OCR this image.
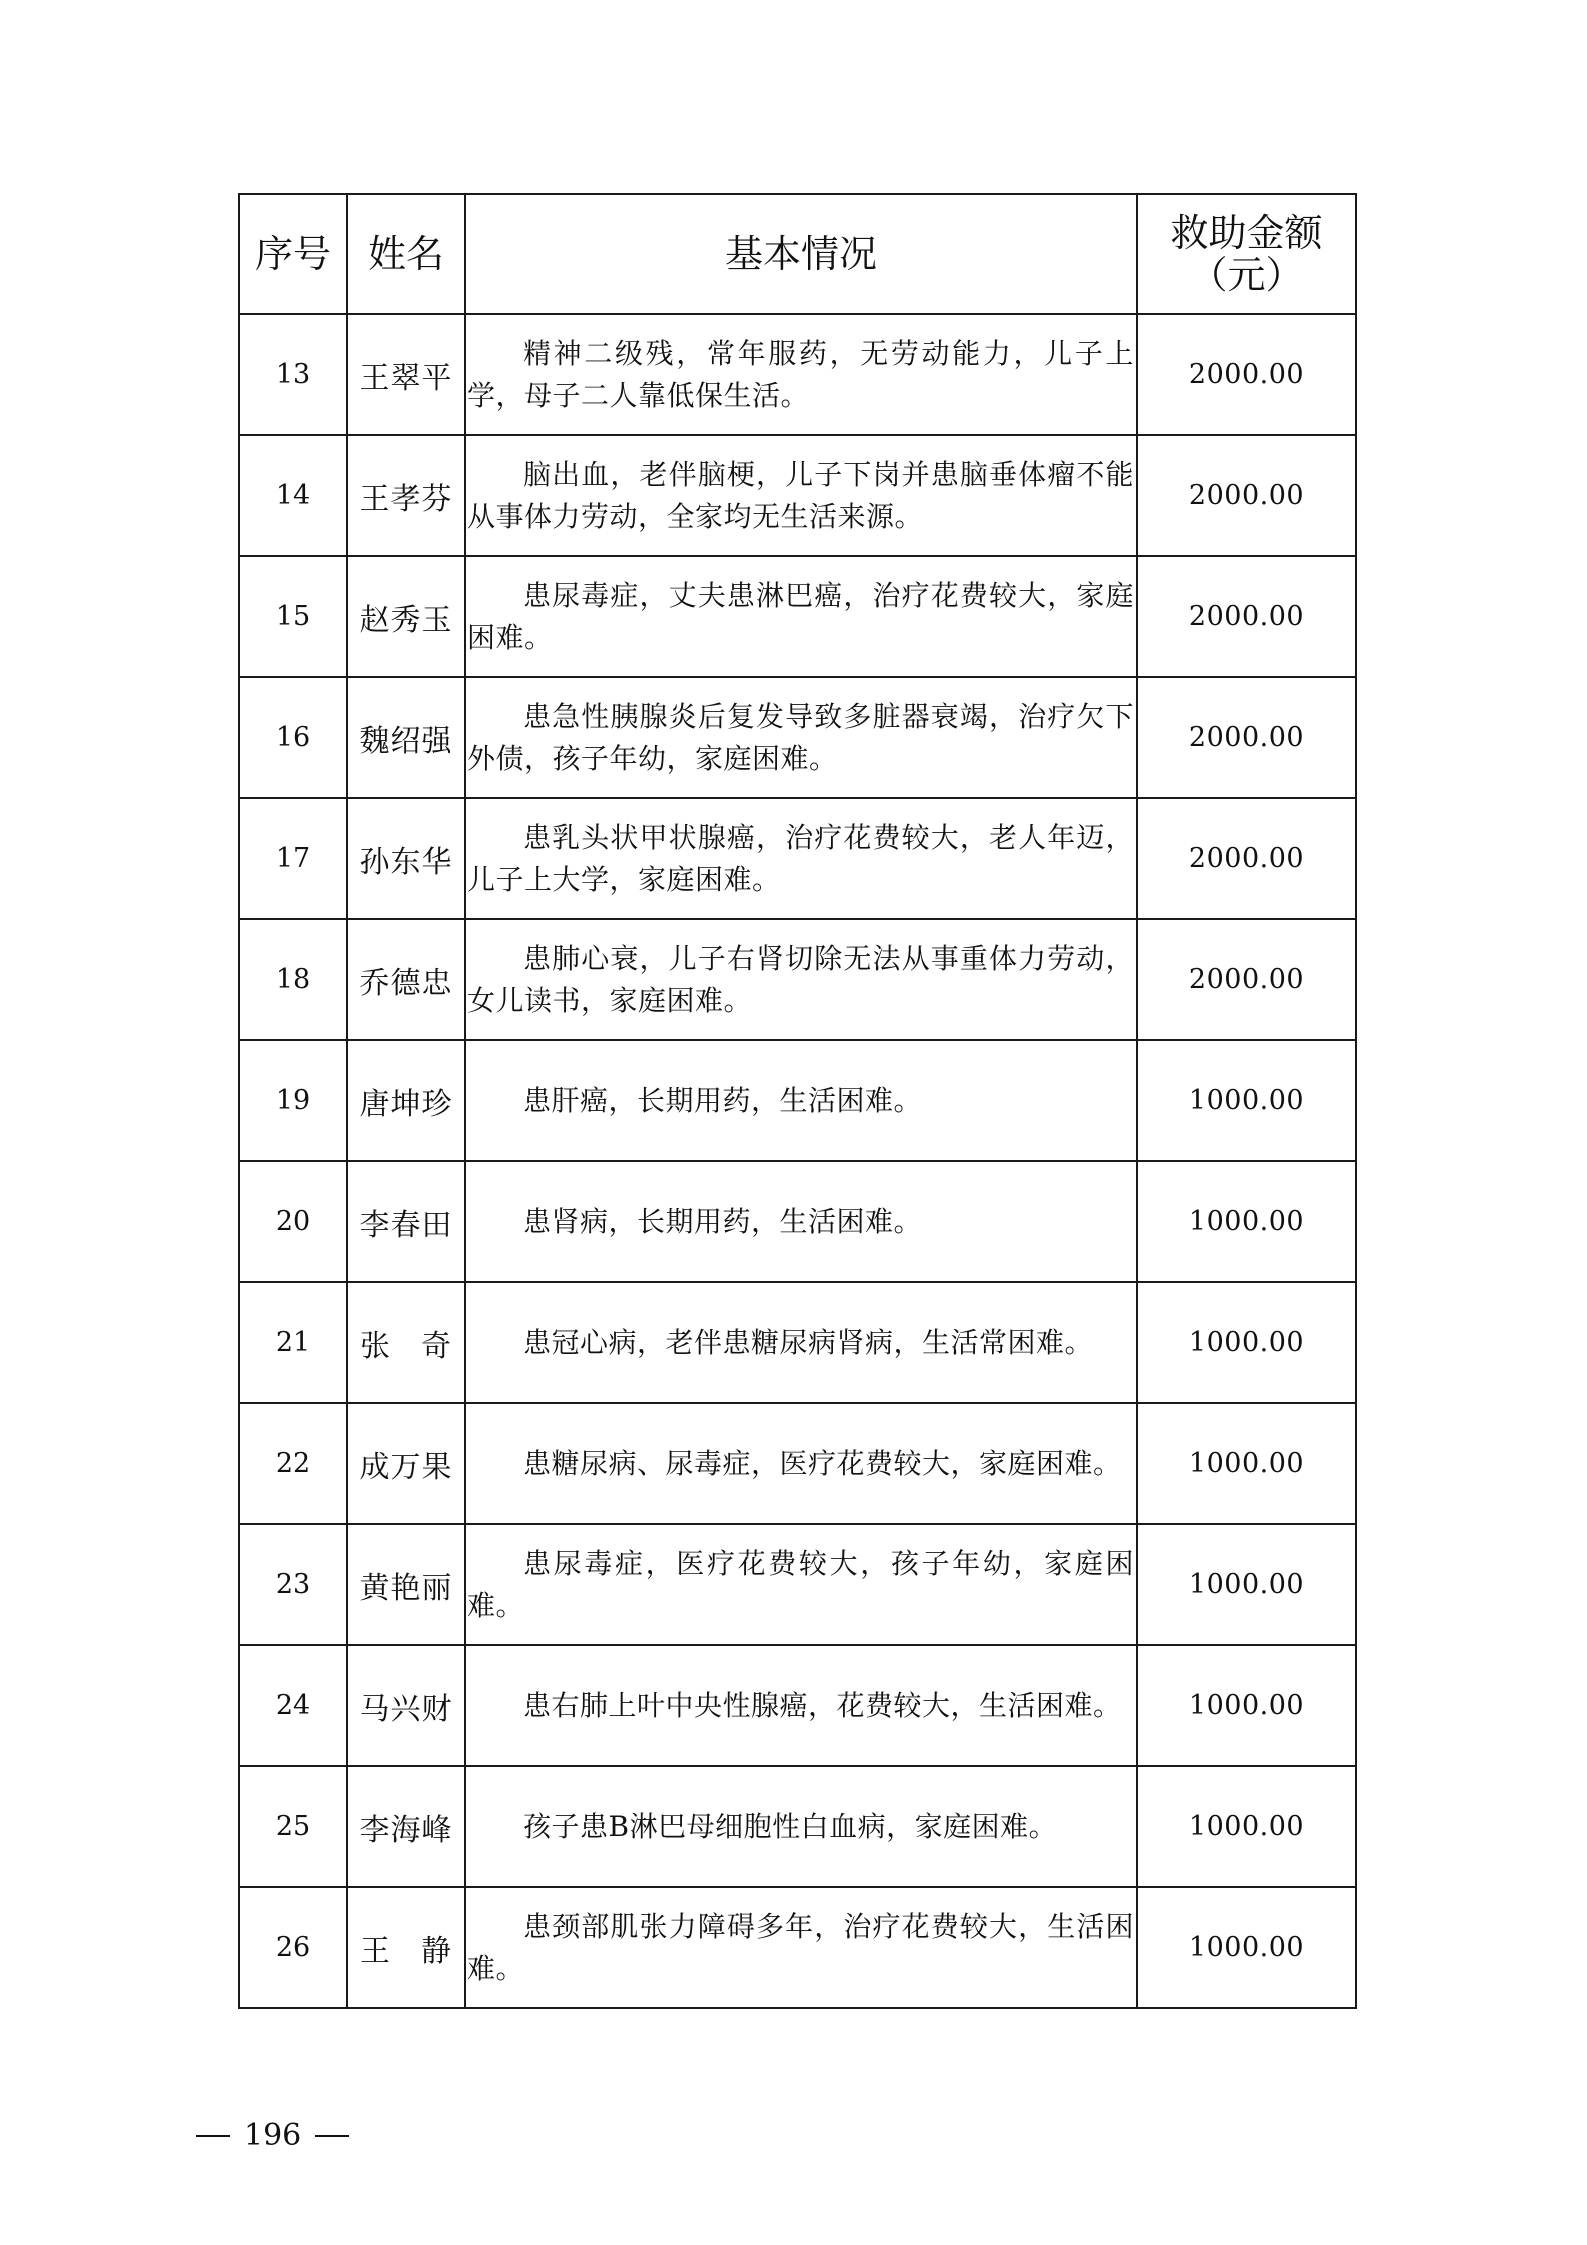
序号	姓名	基本情况	救助金额
（元）

13	王翠平	精神二级残，常年服药，无劳动能力，儿子上学，母子二人靠低保生活。	2000.00
14	王孝芬	脑出血，老伴脑梗，儿子下岗并患脑垂体瘤不能从事体力劳动，全家均无生活来源。	2000.00
15	赵秀玉	患尿毒症，丈夫患淋巴癌，治疗花费较大，家庭困难。	2000.00
16	魏绍强	患急性胰腺炎后复发导致多脏器衰竭，治疗欠下外债，孩子年幼，家庭困难。	2000.00
17	孙东华	患乳头状甲状腺癌，治疗花费较大，老人年迈，儿子上大学，家庭困难。	2000.00
18	乔德忠	患肺心衰，儿子右肾切除无法从事重体力劳动，女儿读书，家庭困难。	2000.00
19	唐坤珍	患肝癌，长期用药，生活困难。	1000.00
20	李春田	患肾病，长期用药，生活困难。	1000.00
21	张奇	患冠心病，老伴患糖尿病肾病，生活常困难。	1000.00
22	成万果	患糖尿病、尿毒症，医疗花费较大，家庭困难。	1000.00
23	黄艳丽	患尿毒症，医疗花费较大，孩子年幼，家庭困难。	1000.00
24	马兴财	患右肺上叶中央性腺癌，花费较大，生活困难。	1000.00
25	李海峰	孩子患B淋巴母细胞性白血病，家庭困难。	1000.00
26	王静	患颈部肌张力障碍多年，治疗花费较大，生活困难。	1000.00
196
